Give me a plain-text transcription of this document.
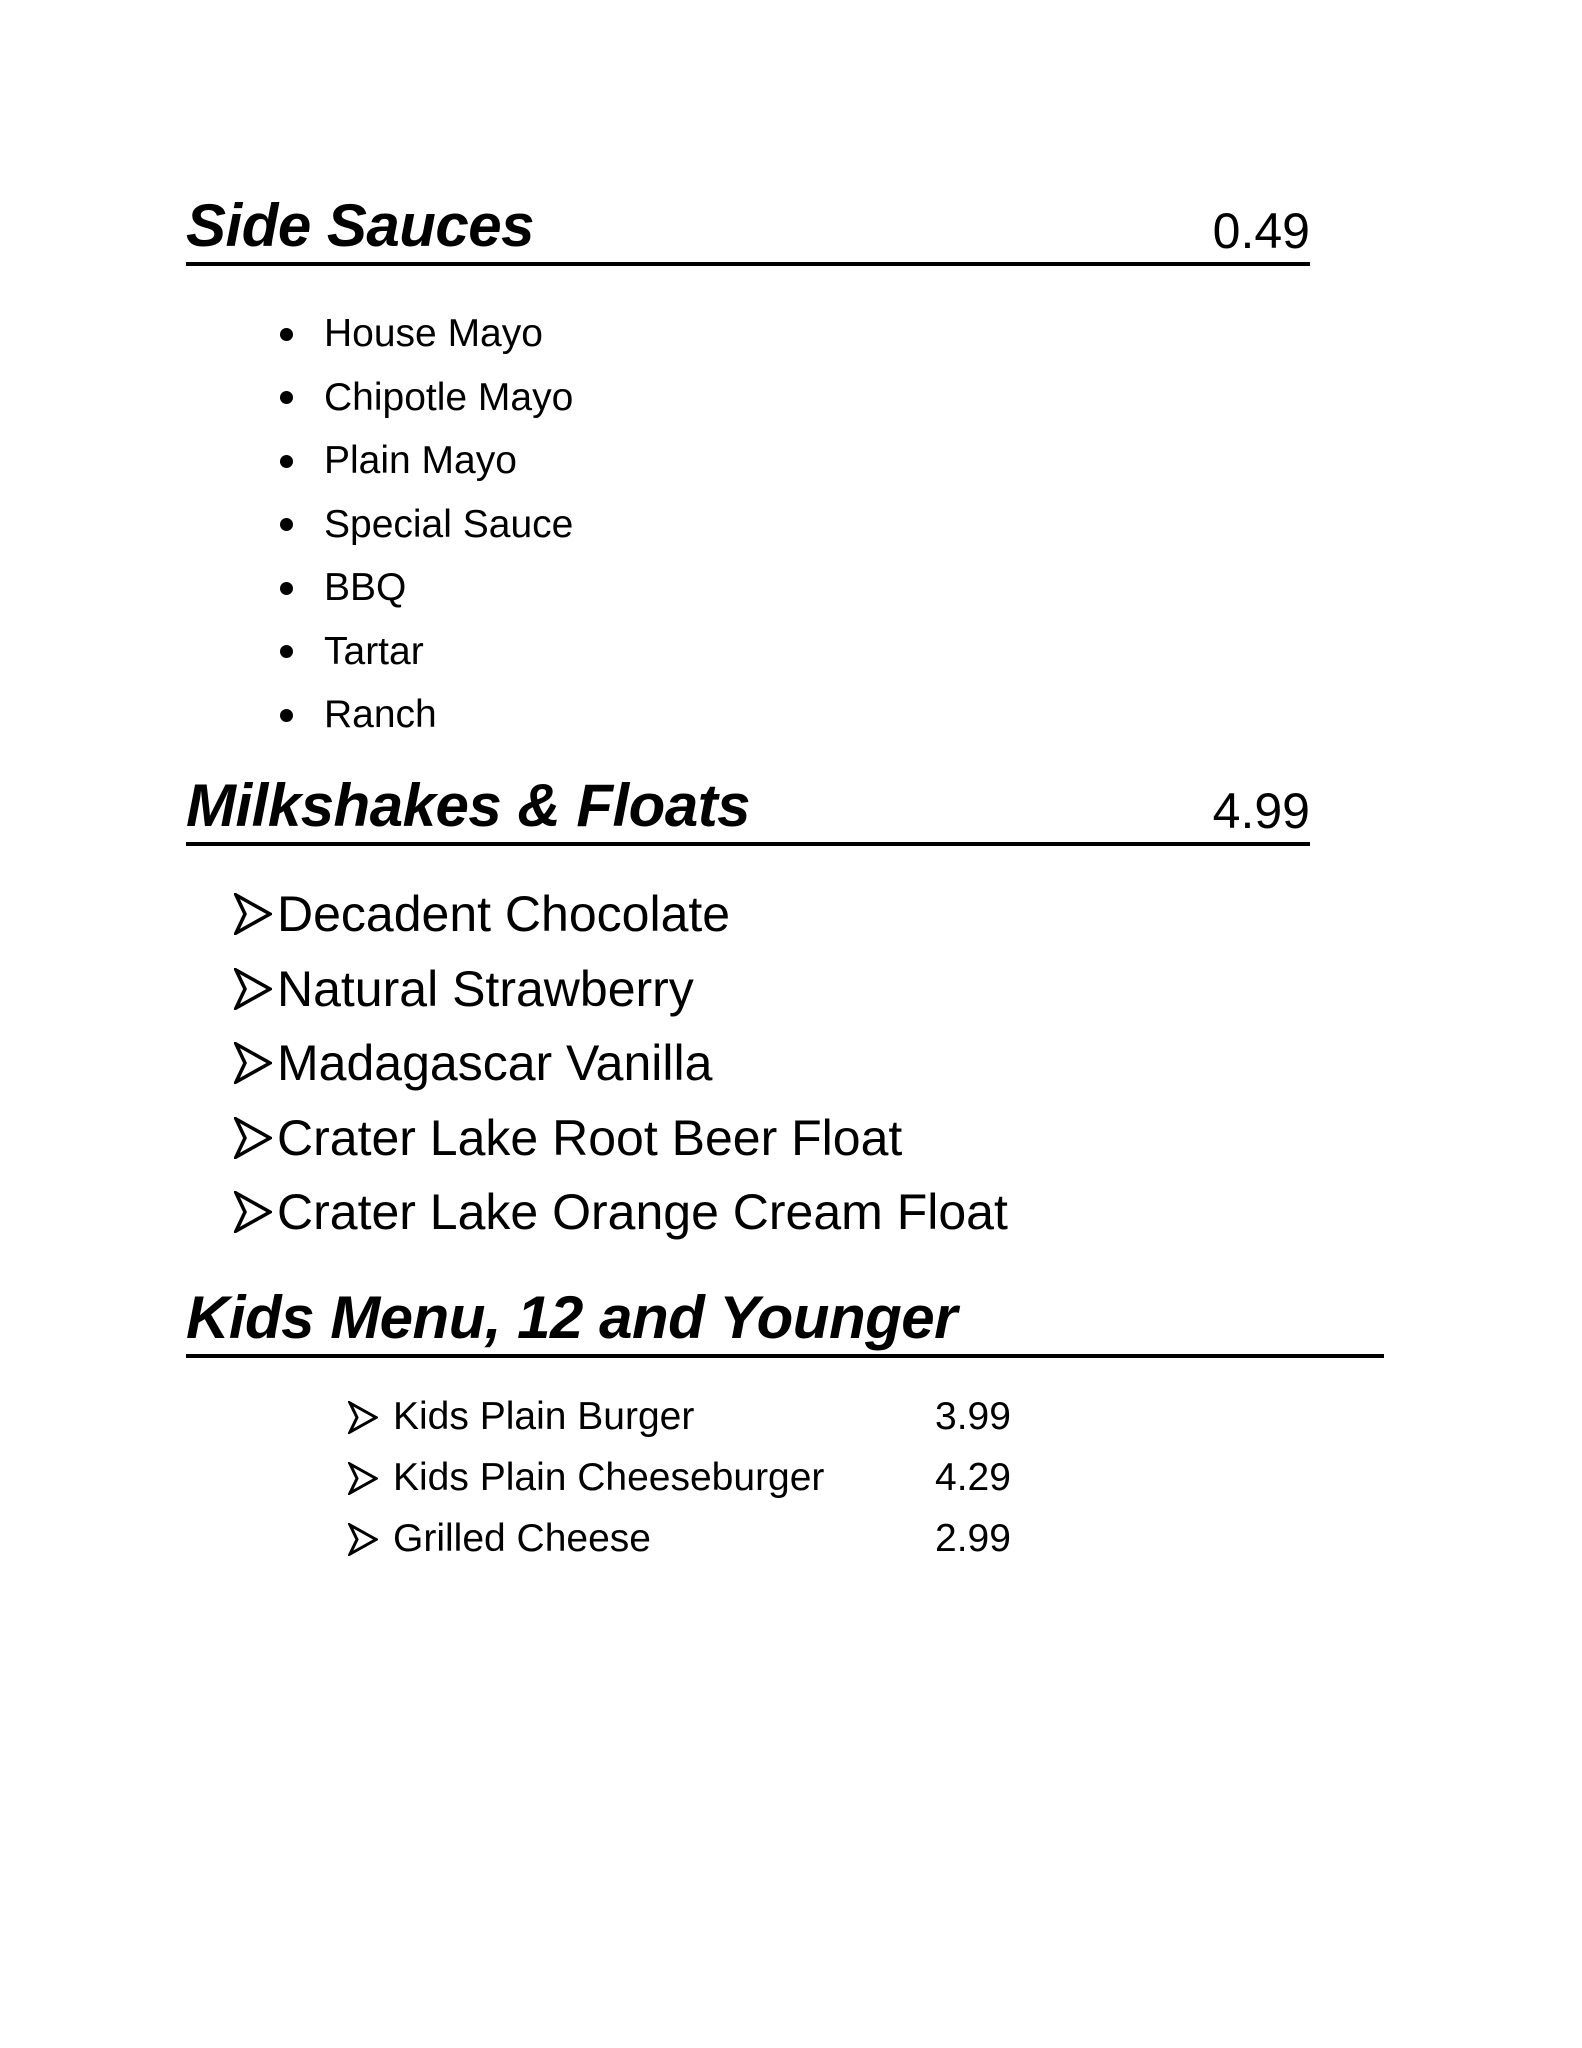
Side Sauces	0.49
House Mayo
Chipotle Mayo
Plain Mayo
Special Sauce
BBQ
Tartar
Ranch
Milkshakes & Floats	4.99
Decadent Chocolate
Natural Strawberry
Madagascar Vanilla
Crater Lake Root Beer Float
Crater Lake Orange Cream Float
Kids Menu, 12 and Younger
Kids Plain Burger	3.99
Kids Plain Cheeseburger	4.29
Grilled Cheese	2.99
